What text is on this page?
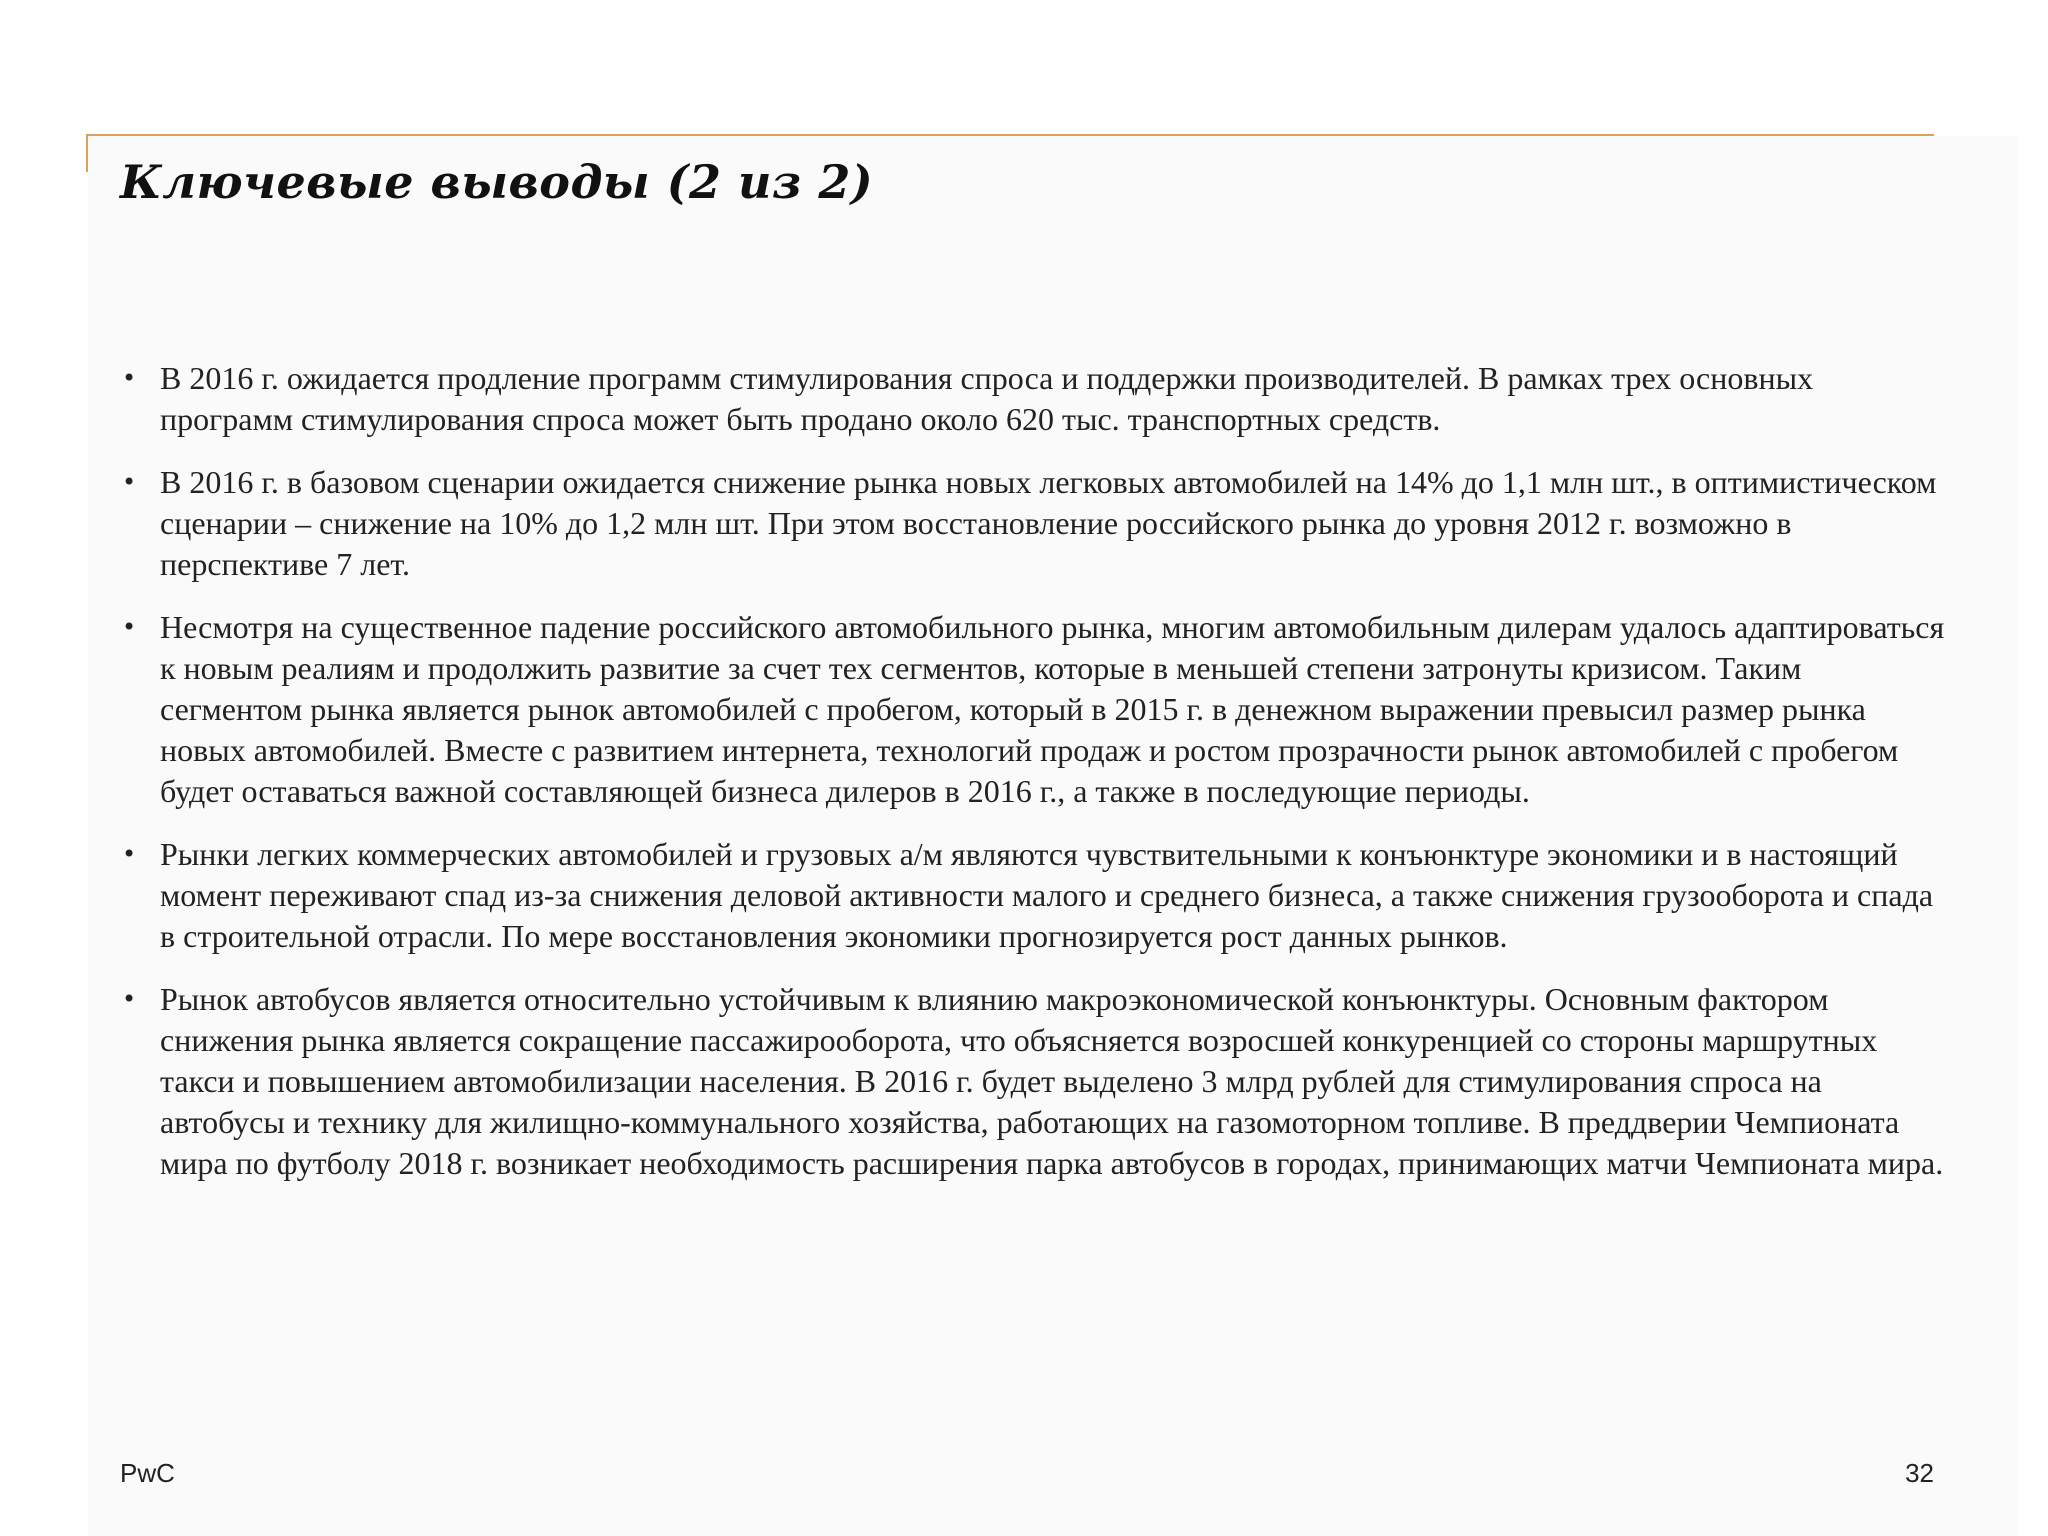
Ключевые выводы (2 из 2)
• В 2016 г. ожидается продление программ стимулирования спроса и поддержки производителей. В рамках трех основных программ стимулирования спроса может быть продано около 620 тыс. транспортных средств.
• В 2016 г. в базовом сценарии ожидается снижение рынка новых легковых автомобилей на 14% до 1,1 млн шт., в оптимистическом сценарии – снижение на 10% до 1,2 млн шт. При этом восстановление российского рынка до уровня 2012 г. возможно в перспективе 7 лет.
• Несмотря на существенное падение российского автомобильного рынка, многим автомобильным дилерам удалось адаптироваться к новым реалиям и продолжить развитие за счет тех сегментов, которые в меньшей степени затронуты кризисом. Таким сегментом рынка является рынок автомобилей с пробегом, который в 2015 г. в денежном выражении превысил размер рынка новых автомобилей. Вместе с развитием интернета, технологий продаж и ростом прозрачности рынок автомобилей с пробегом будет оставаться важной составляющей бизнеса дилеров в 2016 г., а также в последующие периоды.
• Рынки легких коммерческих автомобилей и грузовых а/м являются чувствительными к конъюнктуре экономики и в настоящий момент переживают спад из-за снижения деловой активности малого и среднего бизнеса, а также снижения грузооборота и спада в строительной отрасли. По мере восстановления экономики прогнозируется рост данных рынков.
• Рынок автобусов является относительно устойчивым к влиянию макроэкономической конъюнктуры. Основным фактором снижения рынка является сокращение пассажирооборота, что объясняется возросшей конкуренцией со стороны маршрутных такси и повышением автомобилизации населения. В 2016 г. будет выделено 3 млрд рублей для стимулирования спроса на автобусы и технику для жилищно-коммунального хозяйства, работающих на газомоторном топливе. В преддверии Чемпионата мира по футболу 2018 г. возникает необходимость расширения парка автобусов в городах, принимающих матчи Чемпионата мира.
PwC	32
